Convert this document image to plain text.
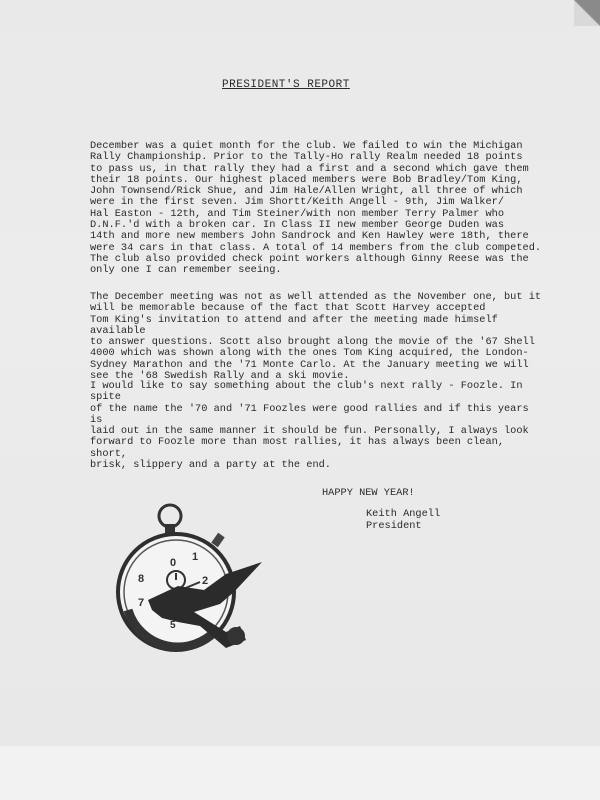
PRESIDENT'S REPORT

December was a quiet month for the club. We failed to win the Michigan
Rally Championship. Prior to the Tally-Ho rally Realm needed 18 points
to pass us, in that rally they had a first and a second which gave them
their 18 points. Our highest placed members were Bob Bradley/Tom King,
John Townsend/Rick Shue, and Jim Hale/Allen Wright, all three of which
were in the first seven. Jim Shortt/Keith Angell - 9th, Jim Walker/
Hal Easton - 12th, and Tim Steiner/with non member Terry Palmer who
D.N.F.'d with a broken car. In Class II new member George Duden was
14th and more new members John Sandrock and Ken Hawley were 18th, there
were 34 cars in that class. A total of 14 members from the club competed.
The club also provided check point workers although Ginny Reese was the
only one I can remember seeing.

The December meeting was not as well attended as the November one, but it
will be memorable because of the fact that Scott Harvey accepted
Tom King's invitation to attend and after the meeting made himself available
to answer questions. Scott also brought along the movie of the '67 Shell
4000 which was shown along with the ones Tom King acquired, the London-
Sydney Marathon and the '71 Monte Carlo. At the January meeting we will
see the '68 Swedish Rally and a ski movie.

I would like to say something about the club's next rally - Foozle. In spite
of the name the '70 and '71 Foozles were good rallies and if this years is
laid out in the same manner it should be fun. Personally, I always look
forward to Foozle more than most rallies, it has always been clean, short,
brisk, slippery and a party at the end.

HAPPY NEW YEAR!
Keith Angell
President
0 1
2
7
8
5
